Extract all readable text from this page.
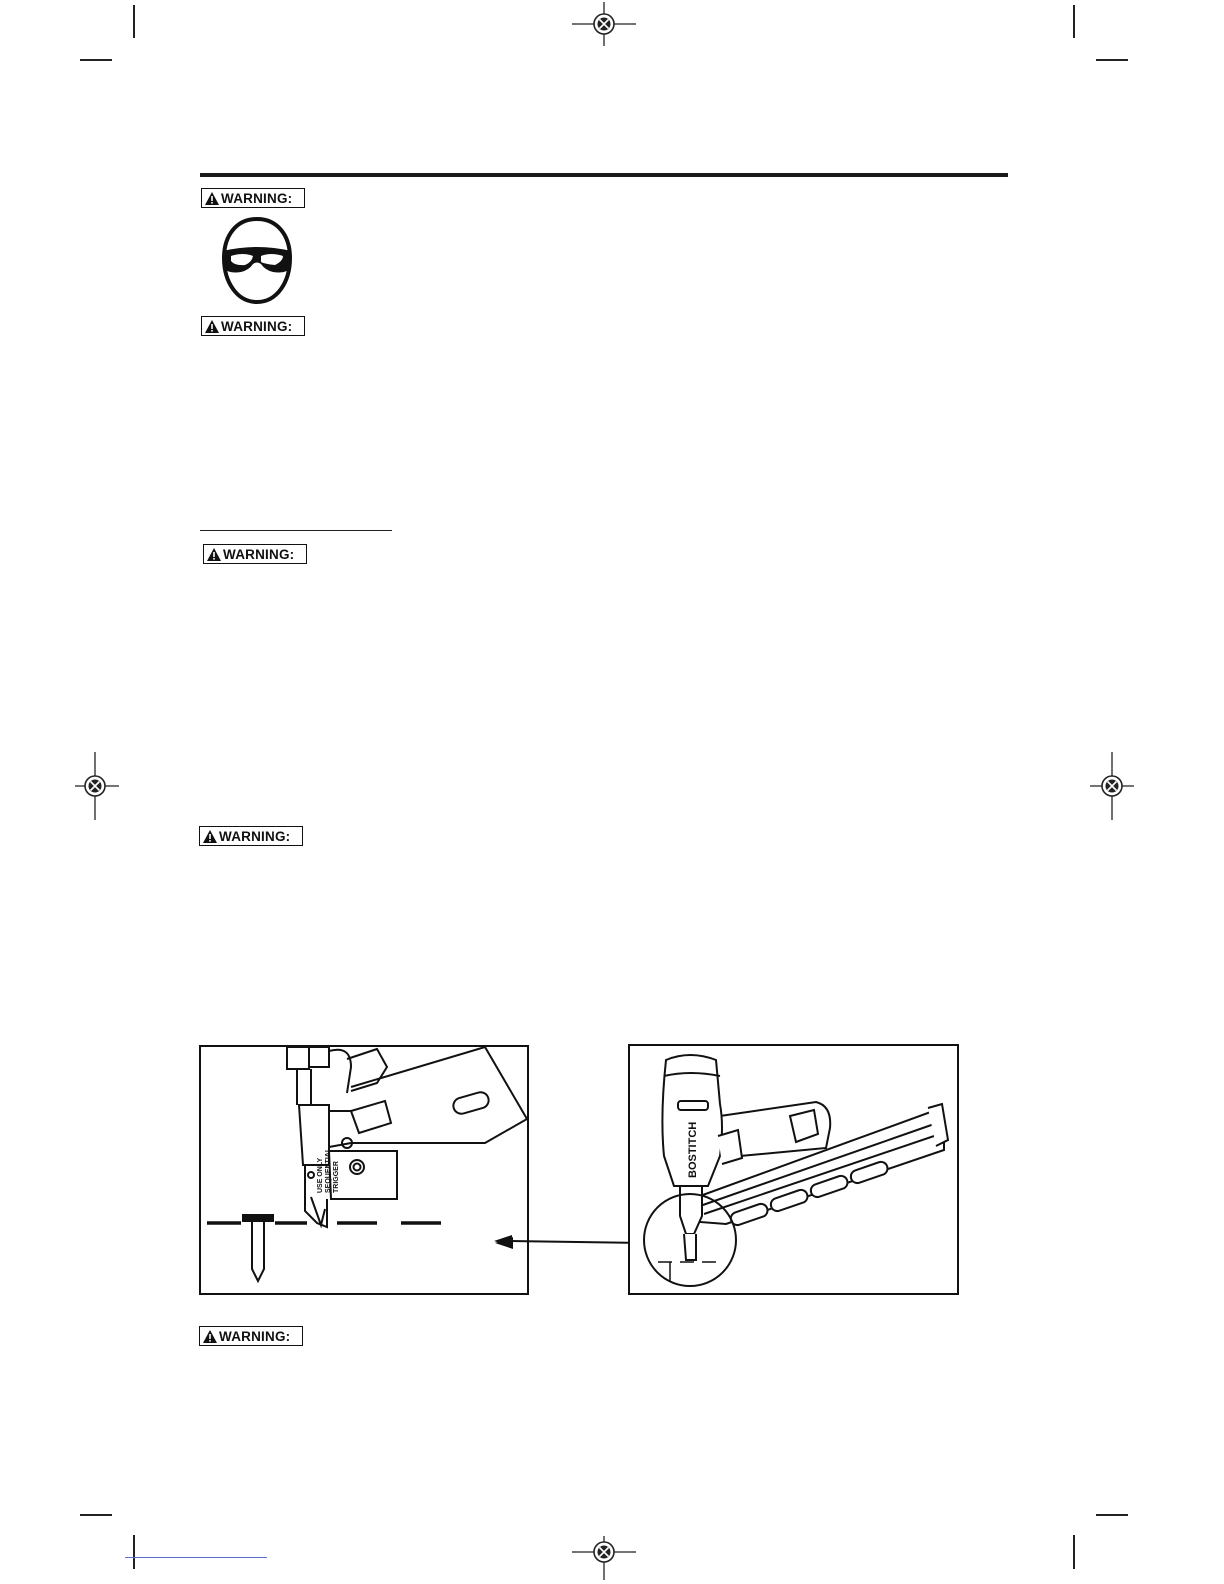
WARNING:
WARNING:
WARNING:
WARNING:
USE ONLY SEQUENTIAL TRIGGER	BOSTITCH
WARNING:
